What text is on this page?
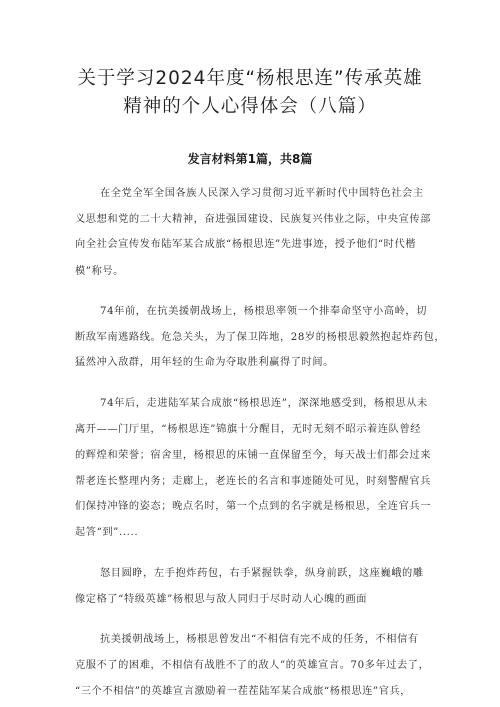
关于学习2024年度“杨根思连”传承英雄
精神的个人心得体会（八篇）
发言材料第1篇，共8篇
在全党全军全国各族人民深入学习贯彻习近平新时代中国特色社会主
义思想和党的二十大精神，奋进强国建设、民族复兴伟业之际，中央宣传部
向全社会宣传发布陆军某合成旅“杨根思连”先进事迹，授予他们“时代楷
模”称号。
74年前，在抗美援朝战场上，杨根思率领一个排奉命坚守小高岭，切
断敌军南逃路线。危急关头，为了保卫阵地，28岁的杨根思毅然抱起炸药包，
猛然冲入敌群，用年轻的生命为夺取胜利赢得了时间。
74年后，走进陆军某合成旅“杨根思连”，深深地感受到，杨根思从未
离开——门厅里，“杨根思连”锦旗十分醒目，无时无刻不昭示着连队曾经
的辉煌和荣誉；宿舍里，杨根思的床铺一直保留至今，每天战士们都会过来
帮老连长整理内务；走廊上，老连长的名言和事迹随处可见，时刻警醒官兵
们保持冲锋的姿态；晚点名时，第一个点到的名字就是杨根思，全连官兵一
起答“到”.....
怒目圆睁，左手抱炸药包，右手紧握铁拳，纵身前跃，这座巍峨的雕
像定格了“特级英雄”杨根思与敌人同归于尽时动人心魄的画面
抗美援朝战场上，杨根思曾发出“不相信有完不成的任务，不相信有
克服不了的困难，不相信有战胜不了的敌人”的英雄宣言。70多年过去了，
“三个不相信”的英雄宣言激励着一茬茬陆军某合成旅“杨根思连”官兵，
